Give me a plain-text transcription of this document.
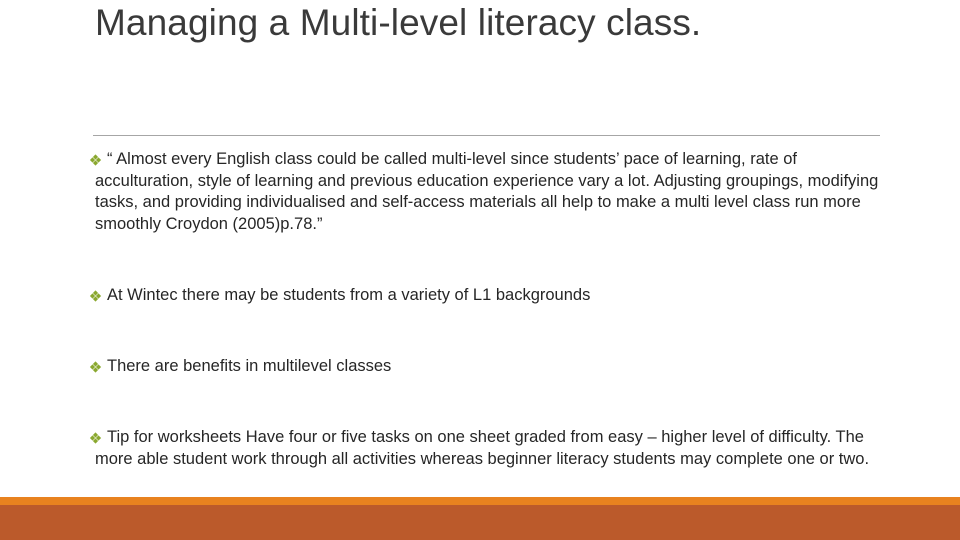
Managing a Multi-level literacy class.
“ Almost every English class could be called multi-level since students’ pace of learning, rate of acculturation, style of learning and previous education experience vary a lot. Adjusting groupings, modifying tasks, and providing individualised and self-access materials all help to make a multi level class run more smoothly Croydon (2005)p.78.”
At Wintec there may be students from a variety of L1 backgrounds
There are benefits in multilevel classes
Tip for worksheets Have four or five tasks on one sheet graded from easy – higher level of difficulty. The more able student work through all activities whereas beginner literacy students may complete one or two.
